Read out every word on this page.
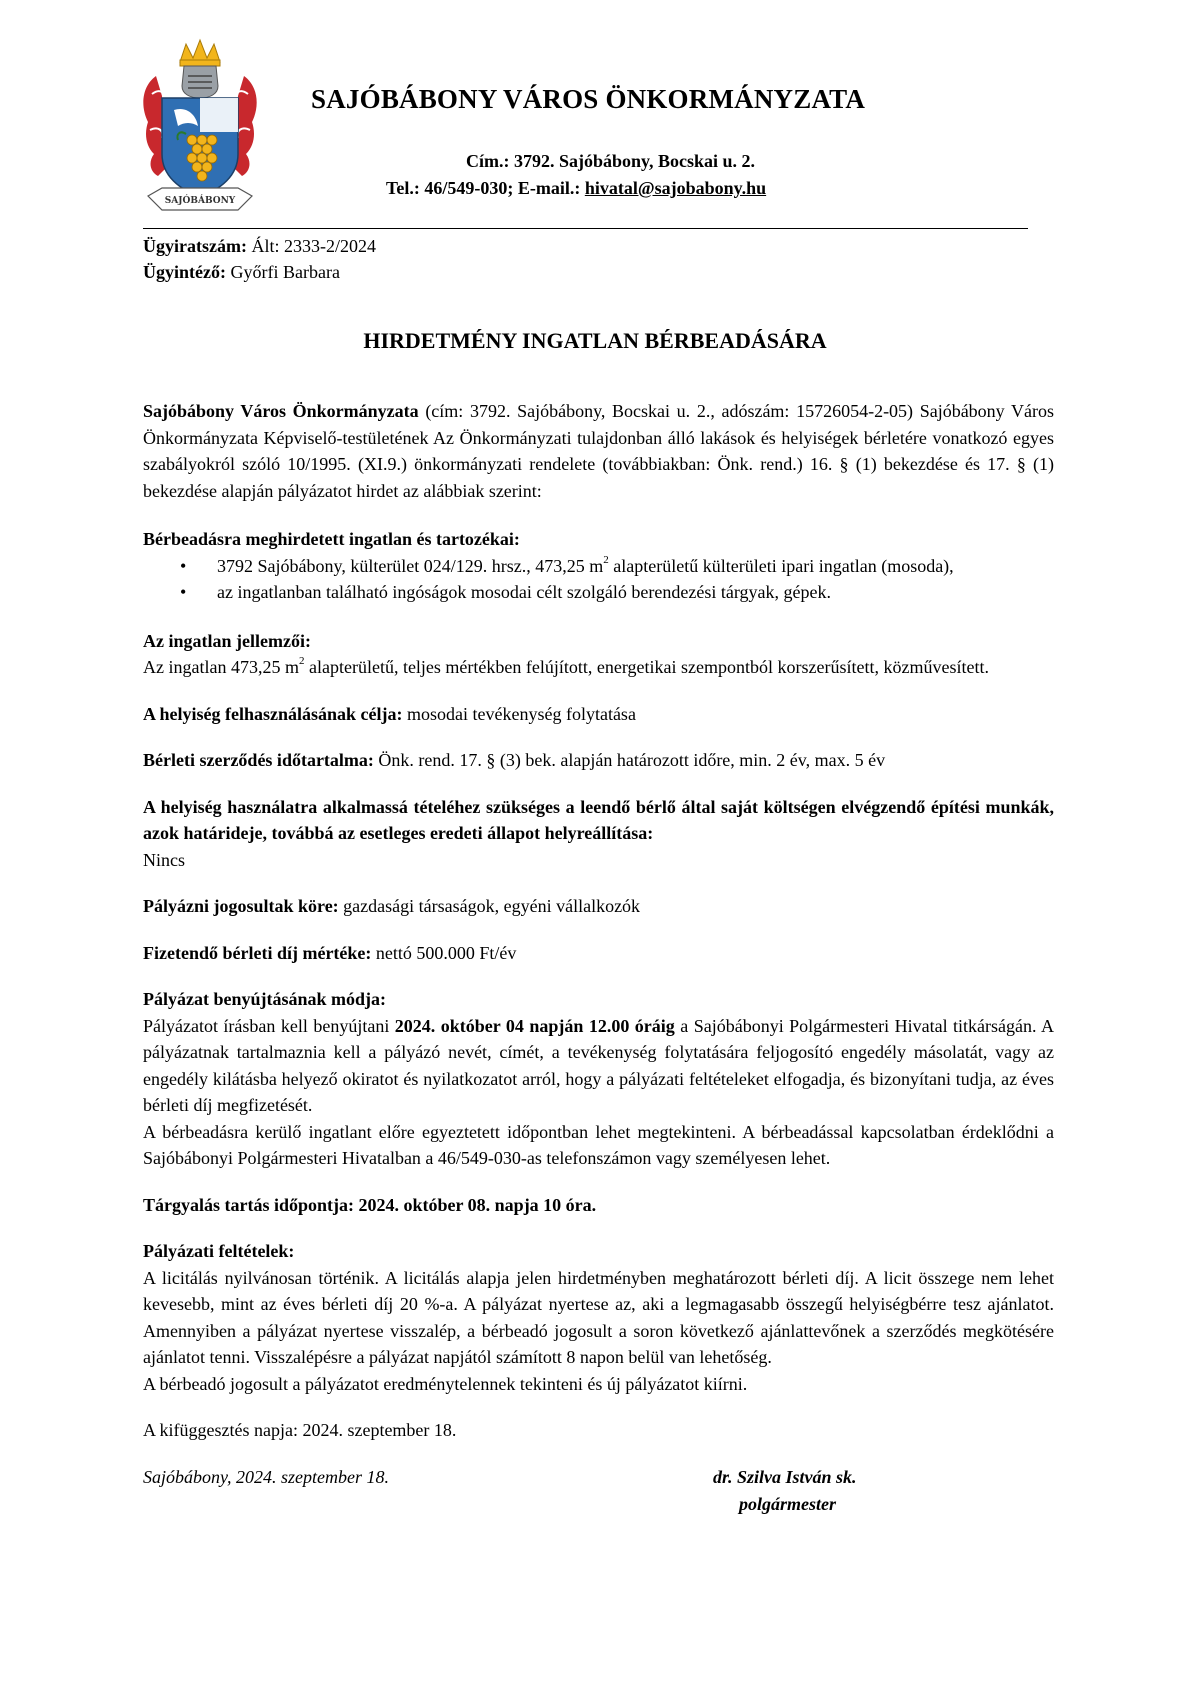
SAJÓBÁBONY
SAJÓBÁBONY VÁROS ÖNKORMÁNYZATA
Cím.: 3792. Sajóbábony, Bocskai u. 2.
Tel.: 46/549-030; E-mail.: hivatal@sajobabony.hu
Ügyiratszám: Ált: 2333-2/2024
Ügyintéző: Győrfi Barbara
HIRDETMÉNY INGATLAN BÉRBEADÁSÁRA

Sajóbábony Város Önkormányzata (cím: 3792. Sajóbábony, Bocskai u. 2., adószám: 15726054-2-05) Sajóbábony Város Önkormányzata Képviselő-testületének Az Önkormányzati tulajdonban álló lakások és helyiségek bérletére vonatkozó egyes szabályokról szóló 10/1995. (XI.9.) önkormányzati rendelete (továbbiakban: Önk. rend.) 16. § (1) bekezdése és 17. § (1) bekezdése alapján pályázatot hirdet az alábbiak szerint:

Bérbeadásra meghirdetett ingatlan és tartozékai:

• 3792 Sajóbábony, külterület 024/129. hrsz., 473,25 $m^2$ alapterületű külterületi ipari ingatlan (mosoda),
• az ingatlanban található ingóságok mosodai célt szolgáló berendezési tárgyak, gépek.

Az ingatlan jellemzői:

Az ingatlan 473,25 $m^2$ alapterületű, teljes mértékben felújított, energetikai szempontból korszerűsített, közművesített.

A helyiség felhasználásának célja: mosodai tevékenység folytatása

Bérleti szerződés időtartalma: Önk. rend. 17. § (3) bek. alapján határozott időre, min. 2 év, max. 5 év

A helyiség használatra alkalmassá tételéhez szükséges a leendő bérlő által saját költségen elvégzendő építési munkák, azok határideje, továbbá az esetleges eredeti állapot helyreállítása:

Nincs

Pályázni jogosultak köre: gazdasági társaságok, egyéni vállalkozók

Fizetendő bérleti díj mértéke: nettó 500.000 Ft/év

Pályázat benyújtásának módja:

Pályázatot írásban kell benyújtani 2024. október 04 napján 12.00 óráig a Sajóbábonyi Polgármesteri Hivatal titkárságán. A pályázatnak tartalmaznia kell a pályázó nevét, címét, a tevékenység folytatására feljogosító engedély másolatát, vagy az engedély kilátásba helyező okiratot és nyilatkozatot arról, hogy a pályázati feltételeket elfogadja, és bizonyítani tudja, az éves bérleti díj megfizetését.

A bérbeadásra kerülő ingatlant előre egyeztetett időpontban lehet megtekinteni. A bérbeadással kapcsolatban érdeklődni a Sajóbábonyi Polgármesteri Hivatalban a 46/549-030-as telefonszámon vagy személyesen lehet.

Tárgyalás tartás időpontja: 2024. október 08. napja 10 óra.

Pályázati feltételek:

A licitálás nyilvánosan történik. A licitálás alapja jelen hirdetményben meghatározott bérleti díj. A licit összege nem lehet kevesebb, mint az éves bérleti díj 20 %-a. A pályázat nyertese az, aki a legmagasabb összegű helyiségbérre tesz ajánlatot. Amennyiben a pályázat nyertese visszalép, a bérbeadó jogosult a soron következő ajánlattevőnek a szerződés megkötésére ajánlatot tenni. Visszalépésre a pályázat napjától számított 8 napon belül van lehetőség.

A bérbeadó jogosult a pályázatot eredménytelennek tekinteni és új pályázatot kiírni.

A kifüggesztés napja: 2024. szeptember 18.

Sajóbábony, 2024. szeptember 18.	dr. Szilva István sk.
polgármester
